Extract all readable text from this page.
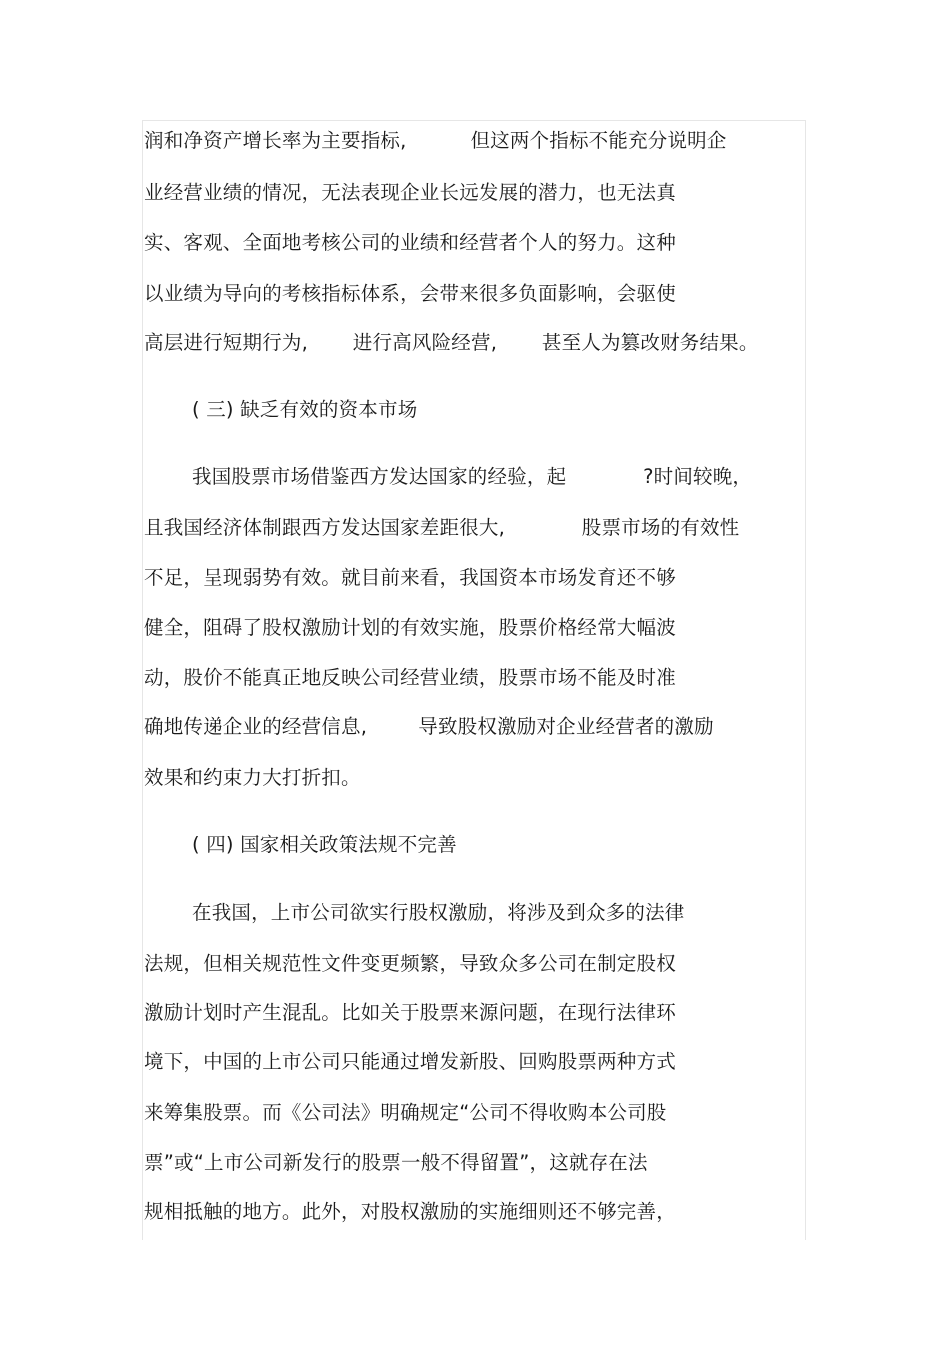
润和净资产增长率为主要指标,          但这两个指标不能充分说明企
业经营业绩的情况，无法表现企业长远发展的潜力，也无法真
实、客观、全面地考核公司的业绩和经营者个人的努力。这种
以业绩为导向的考核指标体系，会带来很多负面影响，会驱使
高层进行短期行为,       进行高风险经营,       甚至人为篡改财务结果。
( 三) 缺乏有效的资本市场
我国股票市场借鉴西方发达国家的经验，起            ?时间较晚，
且我国经济体制跟西方发达国家差距很大,            股票市场的有效性
不足，呈现弱势有效。就目前来看，我国资本市场发育还不够
健全，阻碍了股权激励计划的有效实施，股票价格经常大幅波
动，股价不能真正地反映公司经营业绩，股票市场不能及时准
确地传递企业的经营信息,        导致股权激励对企业经营者的激励
效果和约束力大打折扣。
( 四) 国家相关政策法规不完善
在我国，上市公司欲实行股权激励，将涉及到众多的法律
法规，但相关规范性文件变更频繁，导致众多公司在制定股权
激励计划时产生混乱。比如关于股票来源问题，在现行法律环
境下，中国的上市公司只能通过增发新股、回购股票两种方式
来筹集股票。而《公司法》明确规定“公司不得收购本公司股
票”或“上市公司新发行的股票一般不得留置”，这就存在法
规相抵触的地方。此外，对股权激励的实施细则还不够完善，
